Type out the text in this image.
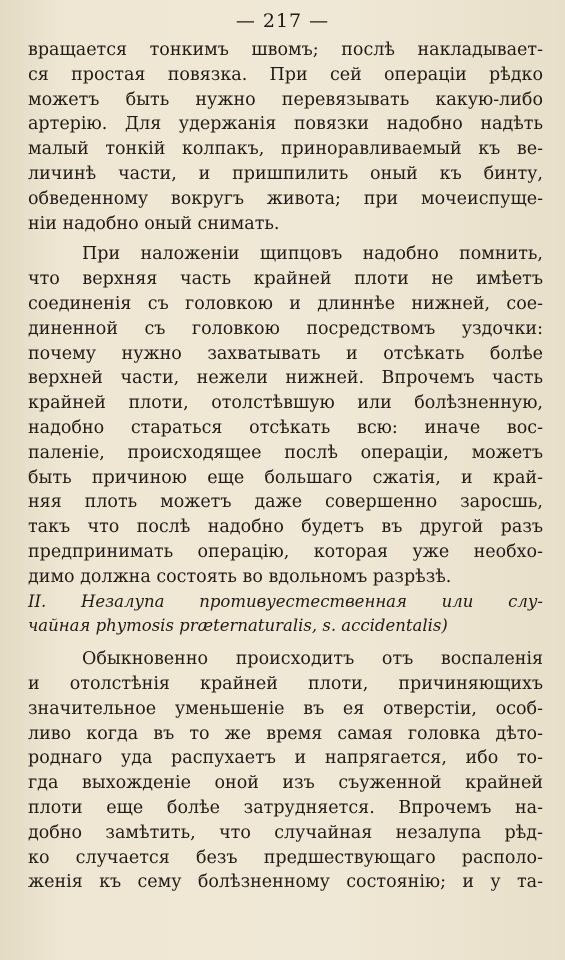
— 217 —
вращается тонкимъ швомъ; послѣ накладывает-
ся простая повязка. При сей операціи рѣдко
можетъ быть нужно перевязывать какую-либо
артерію. Для удержанія повязки надобно надѣть
малый тонкій колпакъ, приноравливаемый къ ве-
личинѣ части, и пришпилить оный къ бинту,
обведенному вокругъ живота; при мочеиспуще-
ніи надобно оный снимать.
При наложеніи щипцовъ надобно помнить,
что верхняя часть крайней плоти не имѣетъ
соединенія съ головкою и длиннѣе нижней, сое-
диненной съ головкою посредствомъ уздочки:
почему нужно захватывать и отсѣкать болѣе
верхней части, нежели нижней. Впрочемъ часть
крайней плоти, отолстѣвшую или болѣзненную,
надобно стараться отсѣкать всю: иначе вос-
паленіе, происходящее послѣ операціи, можетъ
быть причиною еще большаго сжатія, и край-
няя плоть можетъ даже совершенно заросшь,
такъ что послѣ надобно будетъ въ другой разъ
предпринимать операцію, которая уже необхо-
димо должна состоять во вдольномъ разрѣзѣ.
II. Незалупа противуестественная или слу-
чайная phymosis præternaturalis, s. accidentalis)
Обыкновенно происходитъ отъ воспаленія
и отолстѣнія крайней плоти, причиняющихъ
значительное уменьшеніе въ ея отверстіи, особ-
ливо когда въ то же время самая головка дѣто-
роднаго уда распухаетъ и напрягается, ибо то-
гда выхожденіе оной изъ съуженной крайней
плоти еще болѣе затрудняется. Впрочемъ на-
добно замѣтить, что случайная незалупа рѣд-
ко случается безъ предшествующаго располо-
женія къ сему болѣзненному состоянію; и у та-
